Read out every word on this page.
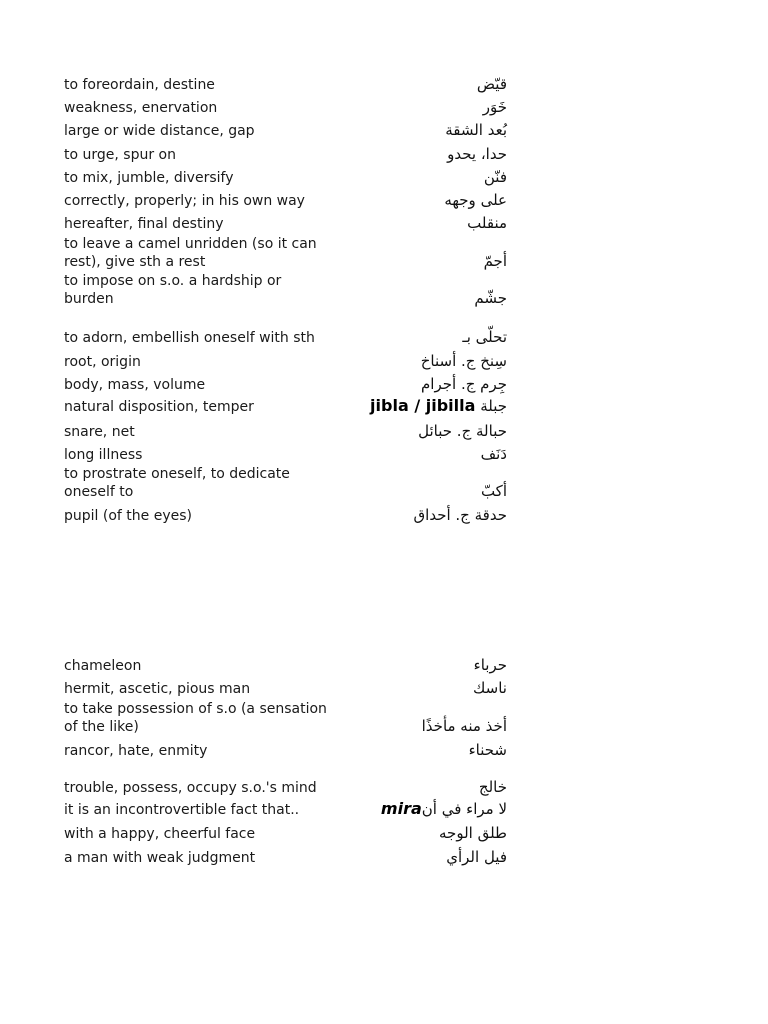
to foreordain, destine	قيّض
weakness, enervation	خَوَر
large or wide distance, gap	بُعد الشقة
to urge, spur on	حدا، يحدو
to mix, jumble, diversify	فنّن
correctly, properly; in his own way	على وجهه
hereafter, final destiny	منقلب
to leave a camel unridden (so it can rest), give sth a rest	أجمّ
to impose on s.o. a hardship or burden	جشّم
to adorn, embellish oneself with sth	تحلّى بـ
root, origin	سِنخ ج. أسناخ
body, mass, volume	جِرم ج. أجرام
natural disposition, temper	جبلة jibla / jibilla
snare, net	حبالة ج. حبائل
long illness	دَنَف
to prostrate oneself, to dedicate oneself to	أكبّ
pupil (of the eyes)	حدقة ج. أحداق
chameleon	حرباء
hermit, ascetic, pious man	ناسك
to take possession of s.o (a sensation of the like)	أخذ منه مأخذًا
rancor, hate, enmity	شحناء
trouble, possess, occupy s.o.'s mind	خالج
it is an incontrovertible fact that..	لا مراء في أنmira
with a happy, cheerful face	طلق الوجه
a man with weak judgment	فيل الرأي
